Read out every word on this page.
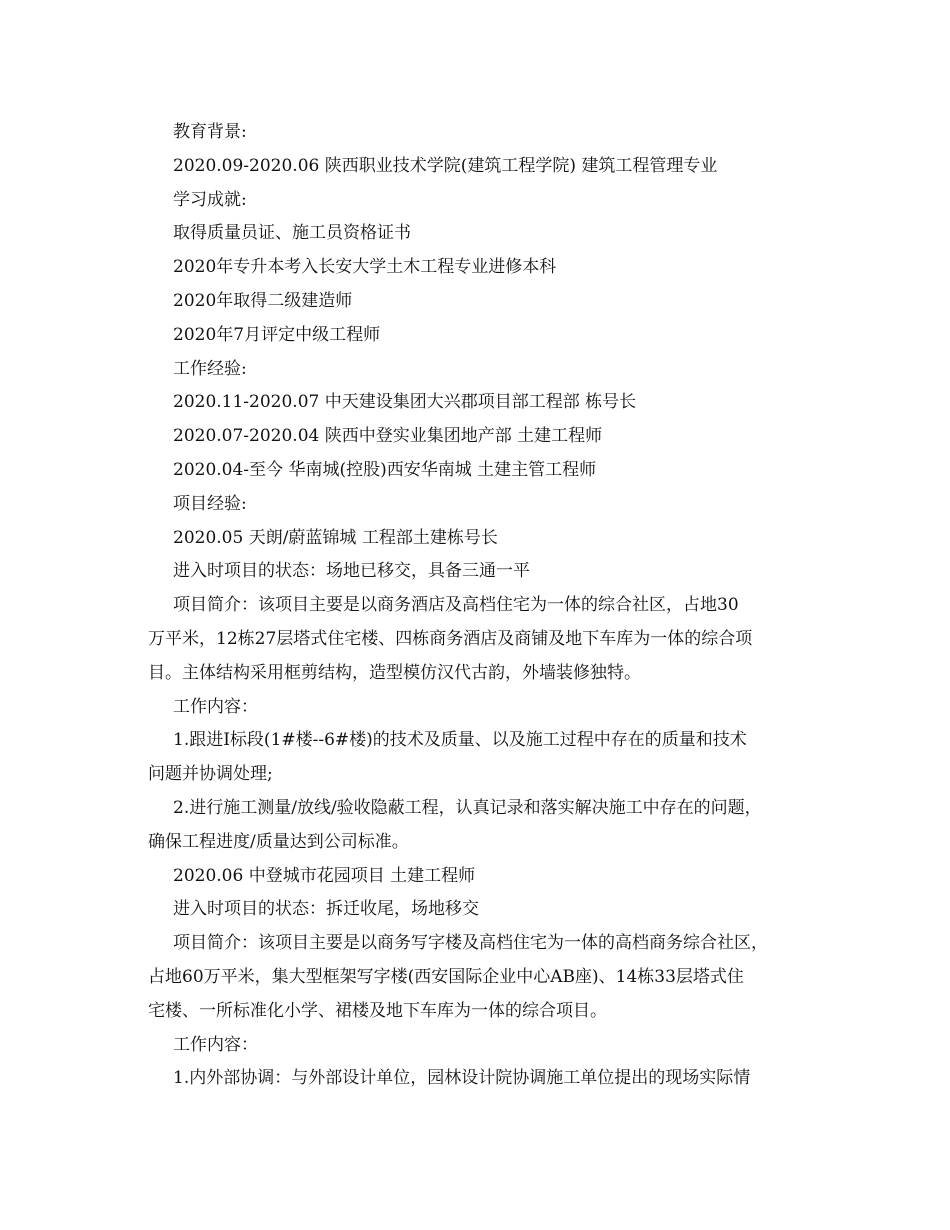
教育背景:

2020.09-2020.06 陕西职业技术学院(建筑工程学院) 建筑工程管理专业

学习成就:

取得质量员证、施工员资格证书

2020年专升本考入长安大学土木工程专业进修本科

2020年取得二级建造师

2020年7月评定中级工程师

工作经验:

2020.11-2020.07 中天建设集团大兴郡项目部工程部 栋号长

2020.07-2020.04 陕西中登实业集团地产部 土建工程师

2020.04-至今 华南城(控股)西安华南城 土建主管工程师

项目经验:

2020.05 天朗/蔚蓝锦城 工程部土建栋号长

进入时项目的状态：场地已移交，具备三通一平

项目简介：该项目主要是以商务酒店及高档住宅为一体的综合社区，占地30
万平米，12栋27层塔式住宅楼、四栋商务酒店及商铺及地下车库为一体的综合项
目。主体结构采用框剪结构，造型模仿汉代古韵，外墙装修独特。

工作内容：

1.跟进Ⅰ标段(1#楼--6#楼)的技术及质量、以及施工过程中存在的质量和技术
问题并协调处理;
2.进行施工测量/放线/验收隐蔽工程，认真记录和落实解决施工中存在的问题，
确保工程进度/质量达到公司标准。

2020.06 中登城市花园项目 土建工程师

进入时项目的状态：拆迁收尾，场地移交

项目简介：该项目主要是以商务写字楼及高档住宅为一体的高档商务综合社区，
占地60万平米，集大型框架写字楼(西安国际企业中心AB座)、14栋33层塔式住
宅楼、一所标准化小学、裙楼及地下车库为一体的综合项目。

工作内容：

1.内外部协调：与外部设计单位，园林设计院协调施工单位提出的现场实际情
